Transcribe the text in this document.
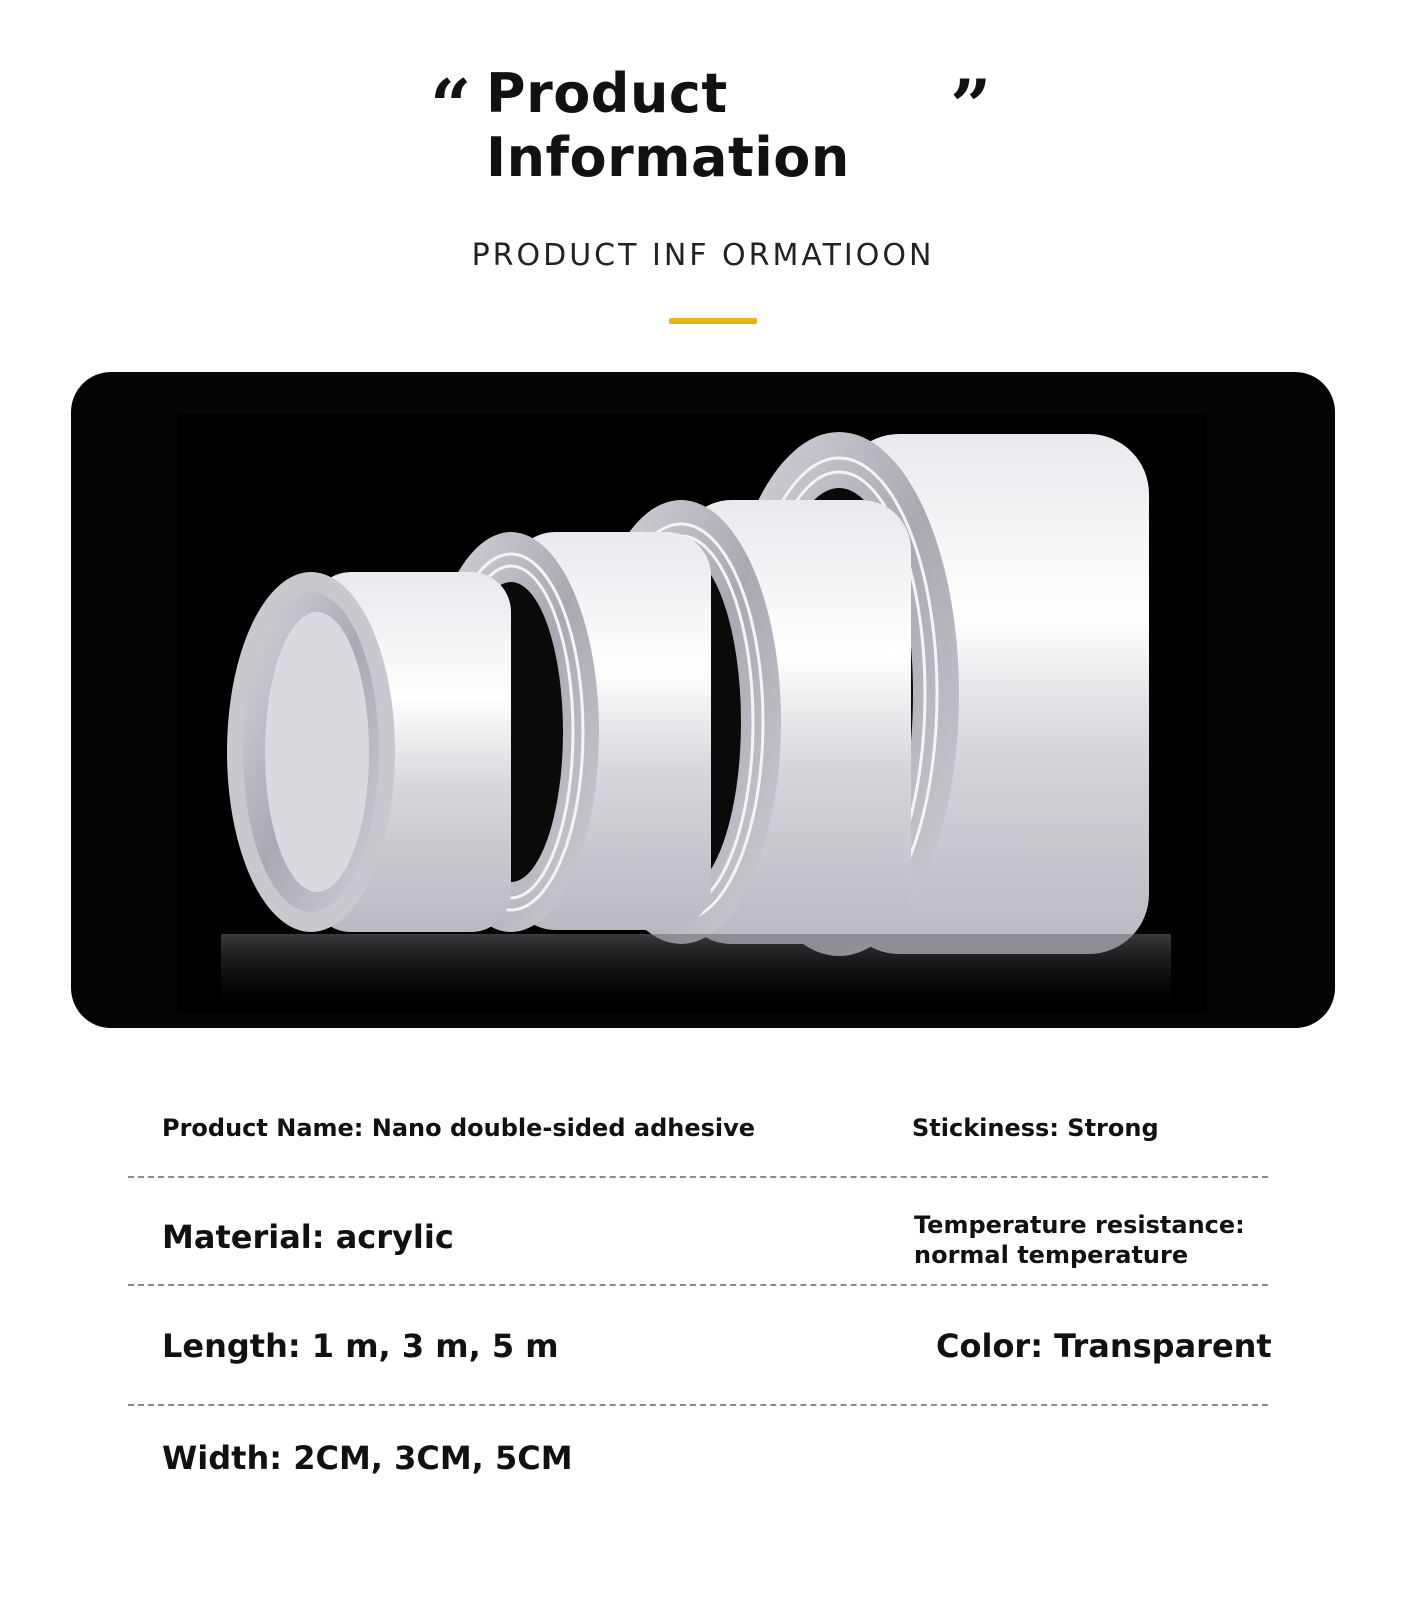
“ Product
Information
”
PRODUCT INF ORMATIOON
Product Name: Nano double-sided adhesive	Stickiness: Strong
Material: acrylic	Temperature resistance:
normal temperature
Length: 1 m, 3 m, 5 m	Color: Transparent
Width: 2CM, 3CM, 5CM
